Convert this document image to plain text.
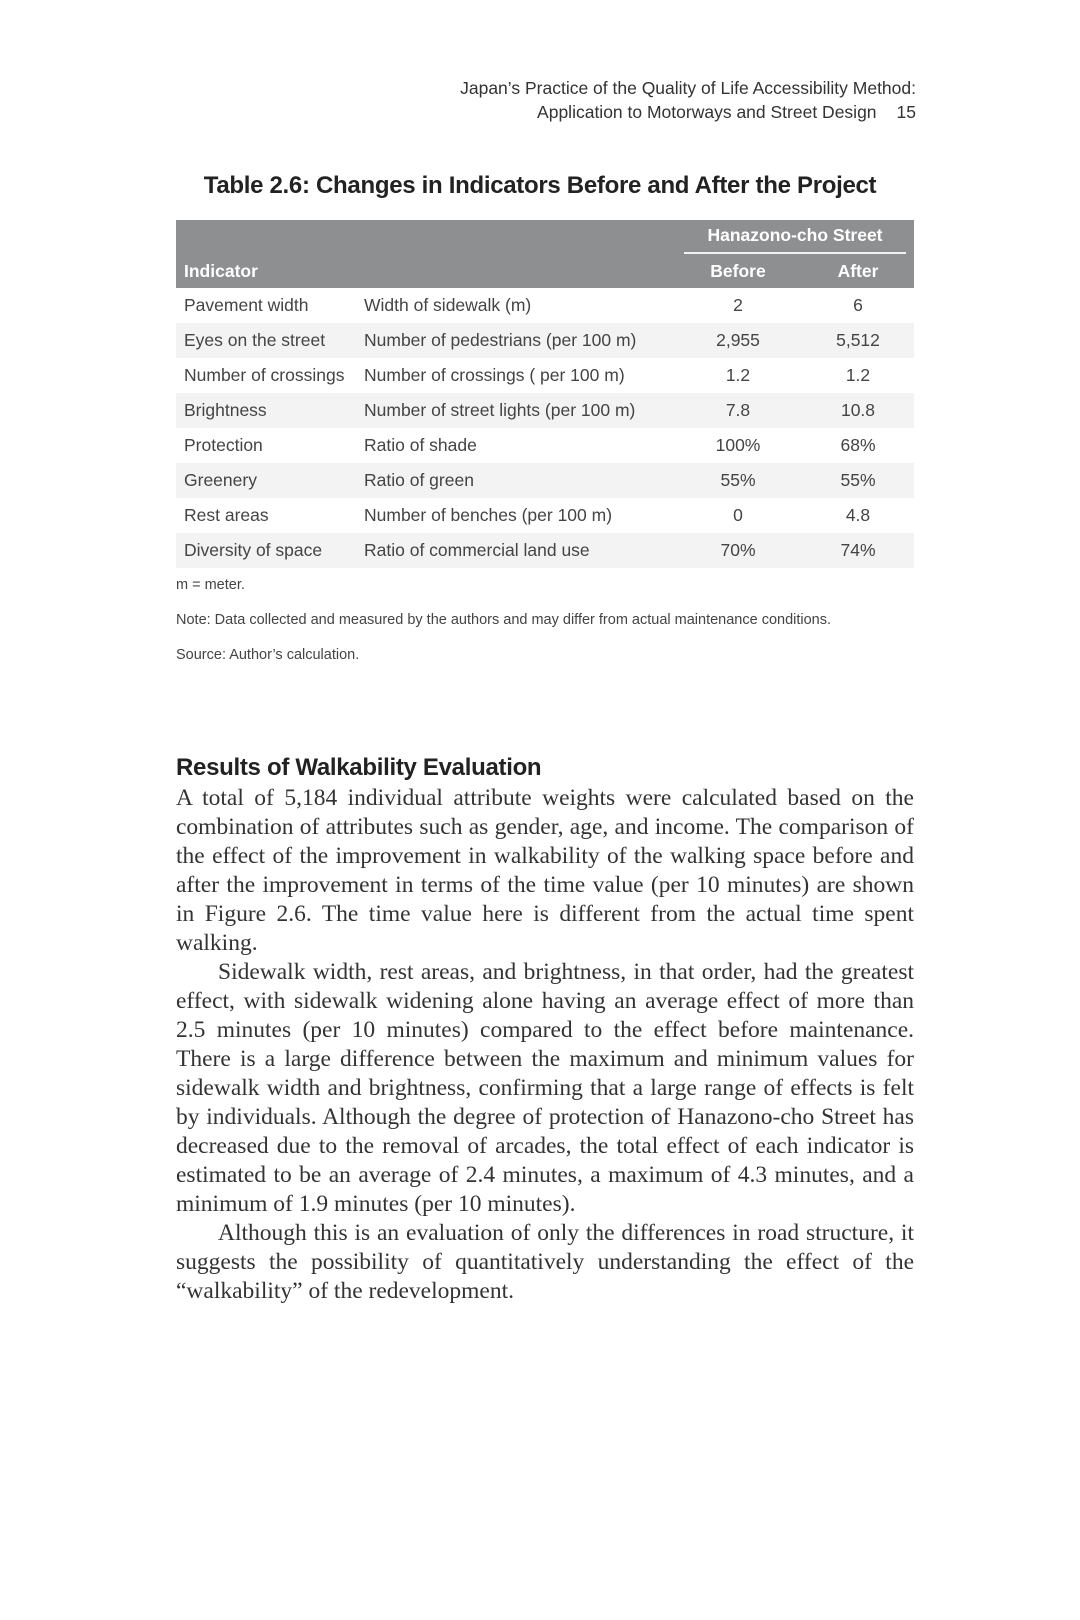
Japan’s Practice of the Quality of Life Accessibility Method:
Application to Motorways and Street Design 15
Table 2.6: Changes in Indicators Before and After the Project

		Hanazono-cho Street	

Indicator		Before	After
Pavement width	Width of sidewalk (m)	2	6
Eyes on the street	Number of pedestrians (per 100 m)	2,955	5,512
Number of crossings	Number of crossings ( per 100 m)	1.2	1.2
Brightness	Number of street lights (per 100 m)	7.8	10.8
Protection	Ratio of shade	100%	68%
Greenery	Ratio of green	55%	55%
Rest areas	Number of benches (per 100 m)	0	4.8
Diversity of space	Ratio of commercial land use	70%	74%

m = meter.

Note: Data collected and measured by the authors and may differ from actual maintenance conditions.

Source: Author’s calculation.

Results of Walkability Evaluation

A total of 5,184 individual attribute weights were calculated based on the combination of attributes such as gender, age, and income. The comparison of the effect of the improvement in walkability of the walking space before and after the improvement in terms of the time value (per 10 minutes) are shown in Figure 2.6. The time value here is different from the actual time spent walking.

Sidewalk width, rest areas, and brightness, in that order, had the greatest effect, with sidewalk widening alone having an average effect of more than 2.5 minutes (per 10 minutes) compared to the effect before maintenance. There is a large difference between the maximum and minimum values for sidewalk width and brightness, confirming that a large range of effects is felt by individuals. Although the degree of protection of Hanazono-cho Street has decreased due to the removal of arcades, the total effect of each indicator is estimated to be an average of 2.4 minutes, a maximum of 4.3 minutes, and a minimum of 1.9 minutes (per 10 minutes).

Although this is an evaluation of only the differences in road structure, it suggests the possibility of quantitatively understanding the effect of the “walkability” of the redevelopment.
